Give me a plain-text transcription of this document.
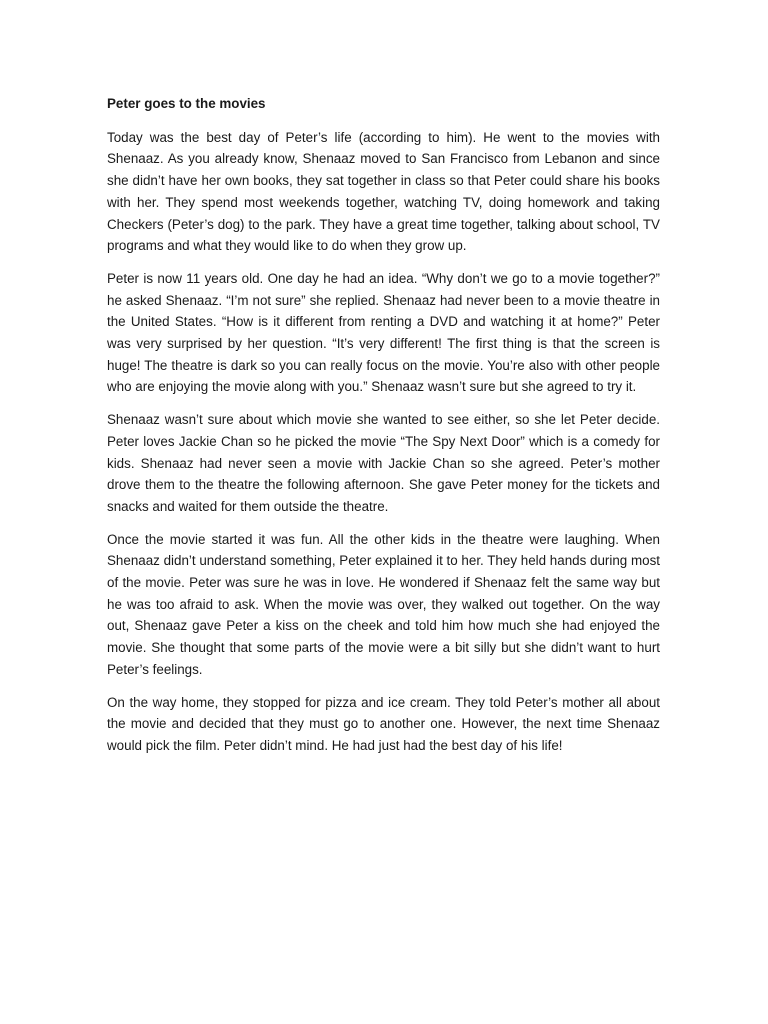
Peter goes to the movies

Today was the best day of Peter’s life (according to him). He went to the movies with Shenaaz. As you already know, Shenaaz moved to San Francisco from Lebanon and since she didn’t have her own books, they sat together in class so that Peter could share his books with her. They spend most weekends together, watching TV, doing homework and taking Checkers (Peter’s dog) to the park. They have a great time together, talking about school, TV programs and what they would like to do when they grow up.

Peter is now 11 years old. One day he had an idea. “Why don’t we go to a movie together?” he asked Shenaaz. “I’m not sure” she replied. Shenaaz had never been to a movie theatre in the United States. “How is it different from renting a DVD and watching it at home?” Peter was very surprised by her question. “It’s very different! The first thing is that the screen is huge! The theatre is dark so you can really focus on the movie. You’re also with other people who are enjoying the movie along with you.” Shenaaz wasn’t sure but she agreed to try it.

Shenaaz wasn’t sure about which movie she wanted to see either, so she let Peter decide. Peter loves Jackie Chan so he picked the movie “The Spy Next Door” which is a comedy for kids. Shenaaz had never seen a movie with Jackie Chan so she agreed. Peter’s mother drove them to the theatre the following afternoon. She gave Peter money for the tickets and snacks and waited for them outside the theatre.

Once the movie started it was fun. All the other kids in the theatre were laughing. When Shenaaz didn’t understand something, Peter explained it to her. They held hands during most of the movie. Peter was sure he was in love. He wondered if Shenaaz felt the same way but he was too afraid to ask. When the movie was over, they walked out together. On the way out, Shenaaz gave Peter a kiss on the cheek and told him how much she had enjoyed the movie. She thought that some parts of the movie were a bit silly but she didn’t want to hurt Peter’s feelings.

On the way home, they stopped for pizza and ice cream. They told Peter’s mother all about the movie and decided that they must go to another one. However, the next time Shenaaz would pick the film. Peter didn’t mind. He had just had the best day of his life!
